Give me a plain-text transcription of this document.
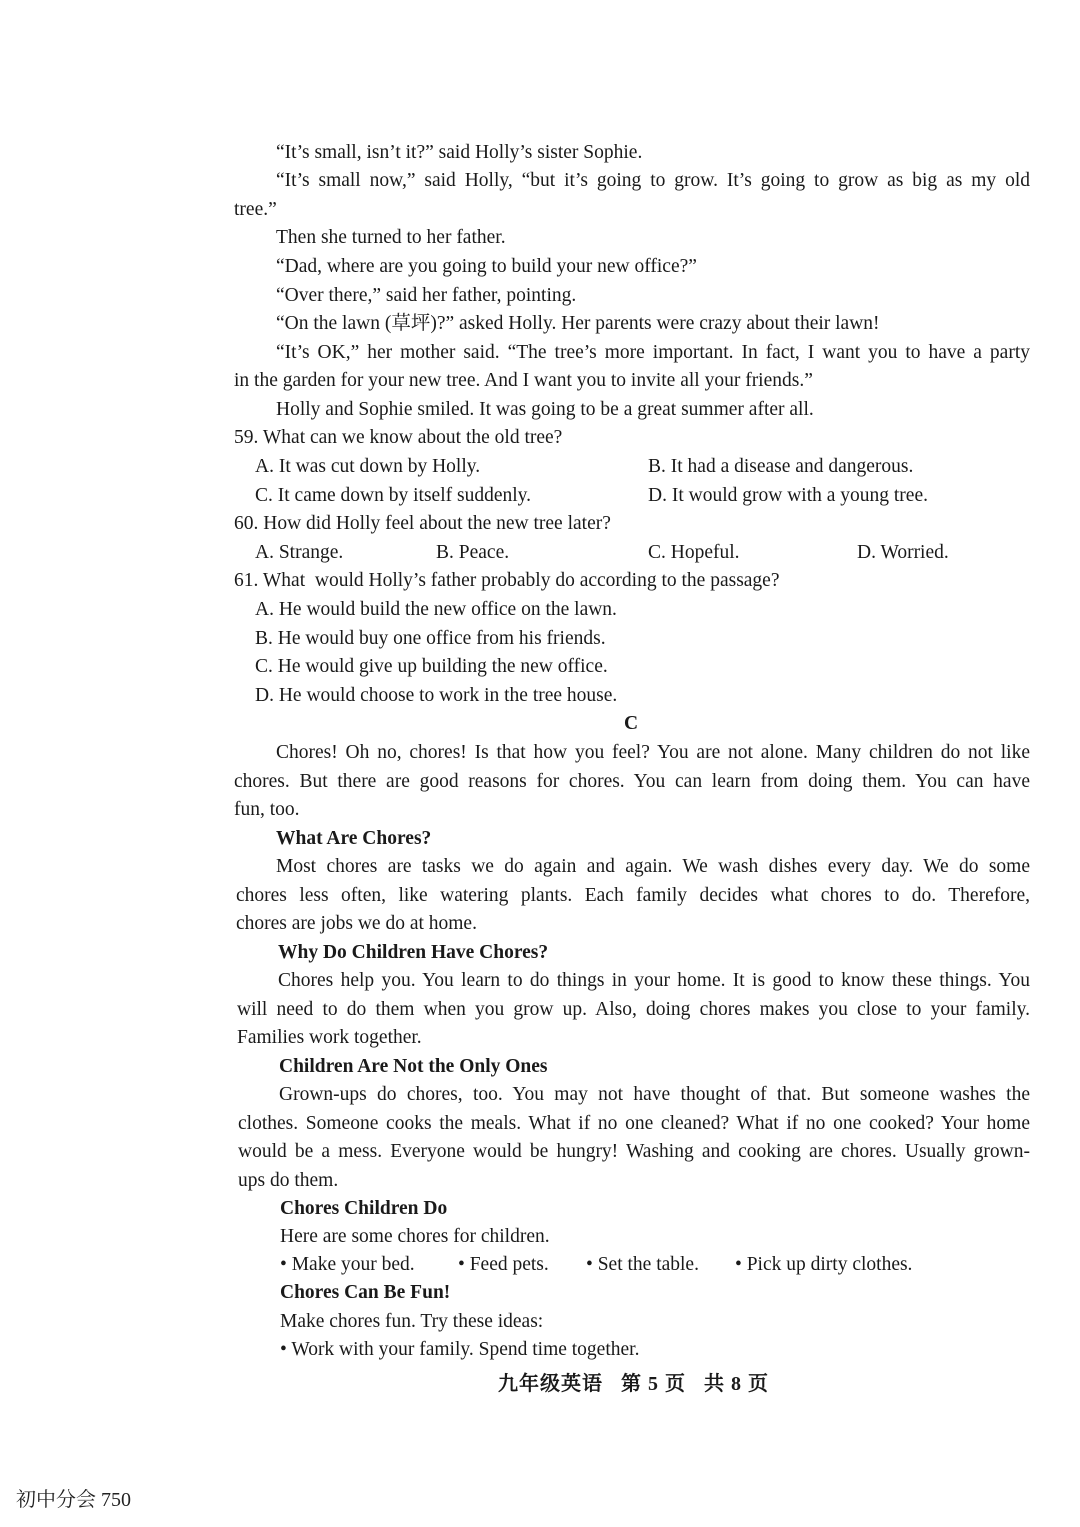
“It’s small, isn’t it?” said Holly’s sister Sophie.
“It’s small now,” said Holly, “but it’s going to grow. It’s going to grow as big as my old
tree.”
Then she turned to her father.
“Dad, where are you going to build your new office?”
“Over there,” said her father, pointing.
“On the lawn (草坪)?” asked Holly. Her parents were crazy about their lawn!
“It’s OK,” her mother said. “The tree’s more important. In fact, I want you to have a party
in the garden for your new tree. And I want you to invite all your friends.”
Holly and Sophie smiled. It was going to be a great summer after all.
59. What can we know about the old tree?
A. It was cut down by Holly.	B. It had a disease and dangerous.
C. It came down by itself suddenly.	D. It would grow with a young tree.
60. How did Holly feel about the new tree later?
A. Strange.	B. Peace.	C. Hopeful.	D. Worried.
61. What  would Holly’s father probably do according to the passage?
A. He would build the new office on the lawn.
B. He would buy one office from his friends.
C. He would give up building the new office.
D. He would choose to work in the tree house.
C
Chores! Oh no, chores! Is that how you feel? You are not alone. Many children do not like
chores. But there are good reasons for chores. You can learn from doing them. You can have
fun, too.
What Are Chores?
Most chores are tasks we do again and again. We wash dishes every day. We do some
chores less often, like watering plants. Each family decides what chores to do. Therefore,
chores are jobs we do at home.
Why Do Children Have Chores?
Chores help you. You learn to do things in your home. It is good to know these things. You
will need to do them when you grow up. Also, doing chores makes you close to your family.
Families work together.
Children Are Not the Only Ones
Grown-ups do chores, too. You may not have thought of that. But someone washes the
clothes. Someone cooks the meals. What if no one cleaned? What if no one cooked? Your home
would be a mess. Everyone would be hungry! Washing and cooking are chores. Usually grown-
ups do them.
Chores Children Do
Here are some chores for children.
• Make your bed. • Feed pets. • Set the table. • Pick up dirty clothes.
Chores Can Be Fun!
Make chores fun. Try these ideas:
• Work with your family. Spend time together.
九年级英语   第 5 页   共 8 页
初中分会 750
